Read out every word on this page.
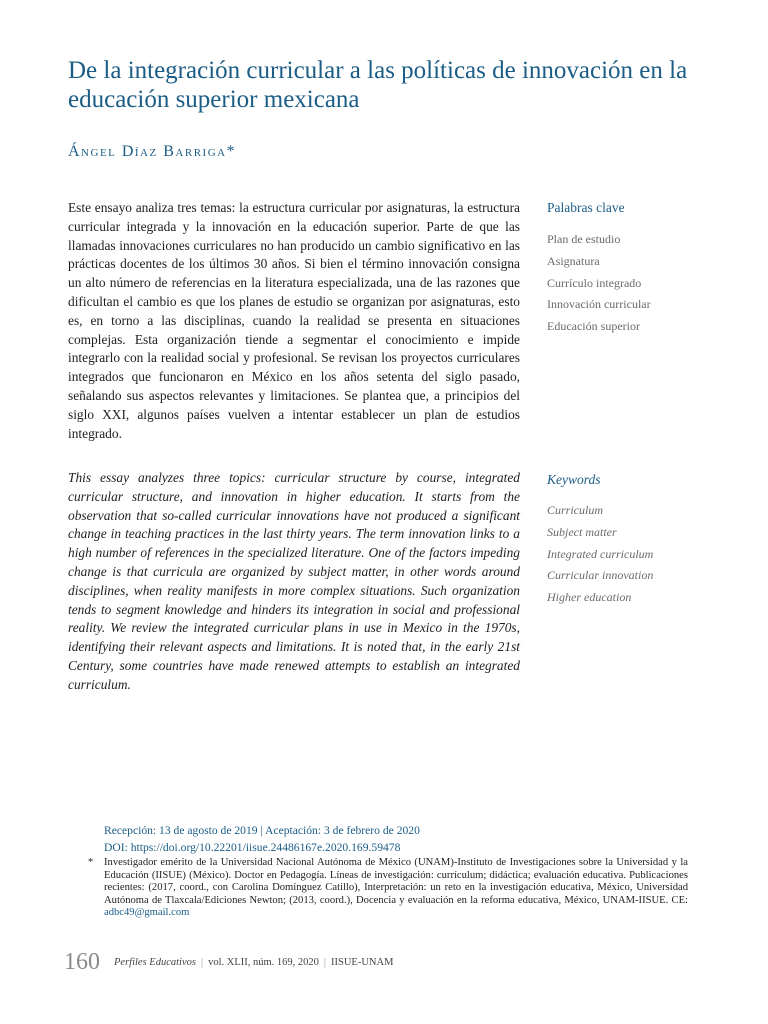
De la integración curricular a las políticas de innovación en la educación superior mexicana
Ángel Díaz Barriga*

Este ensayo analiza tres temas: la estructura curricular por asignaturas, la estructura curricular integrada y la innovación en la educación superior. Parte de que las llamadas innovaciones curriculares no han producido un cambio significativo en las prácticas docentes de los últimos 30 años. Si bien el término innovación consigna un alto número de referencias en la literatura especializada, una de las razones que dificultan el cambio es que los planes de estudio se organizan por asignaturas, esto es, en torno a las disciplinas, cuando la realidad se presenta en situaciones complejas. Esta organización tiende a segmentar el conocimiento e impide integrarlo con la realidad social y profesional. Se revisan los proyectos curriculares integrados que funcionaron en México en los años setenta del siglo pasado, señalando sus aspectos relevantes y limitaciones. Se plantea que, a principios del siglo XXI, algunos países vuelven a intentar establecer un plan de estudios integrado.

Palabras clave
Plan de estudio
Asignatura
Currículo integrado
Innovación curricular
Educación superior

This essay analyzes three topics: curricular structure by course, integrated curricular structure, and innovation in higher education. It starts from the observation that so-called curricular innovations have not produced a significant change in teaching practices in the last thirty years. The term innovation links to a high number of references in the specialized literature. One of the factors impeding change is that curricula are organized by subject matter, in other words around disciplines, when reality manifests in more complex situations. Such organization tends to segment knowledge and hinders its integration in social and professional reality. We review the integrated curricular plans in use in Mexico in the 1970s, identifying their relevant aspects and limitations. It is noted that, in the early 21st Century, some countries have made renewed attempts to establish an integrated curriculum.

Keywords
Curriculum
Subject matter
Integrated curriculum
Curricular innovation
Higher education
Recepción: 13 de agosto de 2019 | Aceptación: 3 de febrero de 2020
DOI: https://doi.org/10.22201/iisue.24486167e.2020.169.59478
*	Investigador emérito de la Universidad Nacional Autónoma de México (UNAM)-Instituto de Investigaciones sobre la Universidad y la Educación (IISUE) (México). Doctor en Pedagogía. Líneas de investigación: currículum; didáctica; evaluación educativa. Publicaciones recientes: (2017, coord., con Carolina Domínguez Catillo), Interpretación: un reto en la investigación educativa, México, Universidad Autónoma de Tlaxcala/Ediciones Newton; (2013, coord.), Docencia y evaluación en la reforma educativa, México, UNAM-IISUE. CE: adbc49@gmail.com
160 Perfiles Educativos | vol. XLII, núm. 169, 2020 | IISUE-UNAM
